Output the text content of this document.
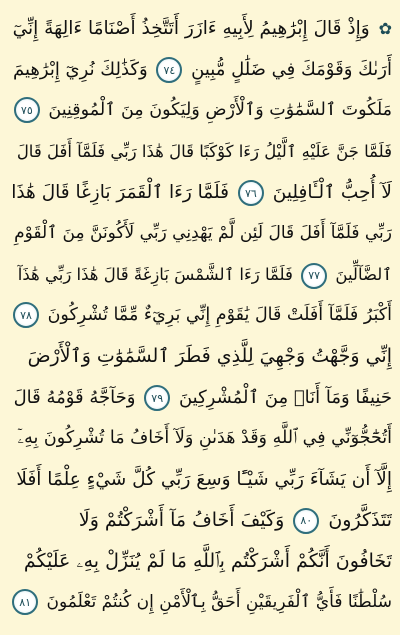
✿ وَإِذْ قَالَ إِبْرَٰهِيمُ لِأَبِيهِ ءَازَرَ أَتَتَّخِذُ أَصْنَامًا ءَالِهَةً إِنِّيٓ
أَرَىٰكَ وَقَوْمَكَ فِي ضَلَٰلٍ مُّبِينٍ ٧٤ وَكَذَٰلِكَ نُرِيٓ إِبْرَٰهِيمَ
مَلَكُوتَ ٱلسَّمَٰوَٰتِ وَٱلْأَرْضِ وَلِيَكُونَ مِنَ ٱلْمُوقِنِينَ ٧٥
فَلَمَّا جَنَّ عَلَيْهِ ٱلَّيْلُ رَءَا كَوْكَبًا قَالَ هَٰذَا رَبِّي فَلَمَّآ أَفَلَ قَالَ
لَآ أُحِبُّ ٱلْـَٔافِلِينَ ٧٦ فَلَمَّا رَءَا ٱلْقَمَرَ بَازِغًا قَالَ هَٰذَا
رَبِّي فَلَمَّآ أَفَلَ قَالَ لَئِن لَّمْ يَهْدِنِي رَبِّي لَأَكُونَنَّ مِنَ ٱلْقَوْمِ
ٱلضَّآلِّينَ ٧٧ فَلَمَّا رَءَا ٱلشَّمْسَ بَازِغَةً قَالَ هَٰذَا رَبِّي هَٰذَآ
أَكْبَرُ فَلَمَّآ أَفَلَتْ قَالَ يَٰقَوْمِ إِنِّي بَرِيٓءٌ مِّمَّا تُشْرِكُونَ ٧٨
إِنِّي وَجَّهْتُ وَجْهِيَ لِلَّذِي فَطَرَ ٱلسَّمَٰوَٰتِ وَٱلْأَرْضَ
حَنِيفًا وَمَآ أَنَا۠ مِنَ ٱلْمُشْرِكِينَ ٧٩ وَحَآجَّهُ قَوْمُهُ قَالَ
أَتُحَٰٓجُّوٓنِّي فِي ٱللَّهِ وَقَدْ هَدَىٰنِ وَلَآ أَخَافُ مَا تُشْرِكُونَ بِهِۦٓ
إِلَّآ أَن يَشَآءَ رَبِّي شَيْـًٔا وَسِعَ رَبِّي كُلَّ شَيْءٍ عِلْمًا أَفَلَا
تَتَذَكَّرُونَ ٨٠ وَكَيْفَ أَخَافُ مَآ أَشْرَكْتُمْ وَلَا
تَخَافُونَ أَنَّكُمْ أَشْرَكْتُم بِٱللَّهِ مَا لَمْ يُنَزِّلْ بِهِۦ عَلَيْكُمْ
سُلْطَٰنًا فَأَيُّ ٱلْفَرِيقَيْنِ أَحَقُّ بِٱلْأَمْنِ إِن كُنتُمْ تَعْلَمُونَ ٨١
